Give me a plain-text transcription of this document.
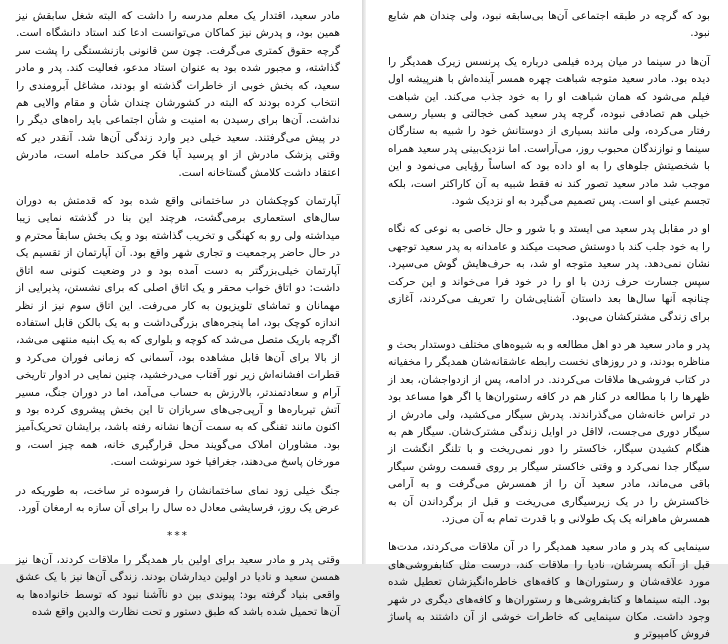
مادر سعید، اقتدار یک معلم مدرسه را داشت که البته شغل سابقش نیز همین بود، و پدرش نیز کماکان می‌توانست ادعا کند استاد دانشگاه است. گرچه حقوق کمتری می‌گرفت. چون سن قانونی بازنشستگی را پشت سر گذاشته، و مجبور شده بود به عنوان استاد مدعو، فعالیت کند. پدر و مادر سعید، که بخش خوبی از خاطرات گذشته او بودند، مشاغل آبرومندی را انتخاب کرده بودند که البته در کشورشان چندان شأن و مقام والایی هم نداشت. آن‌ها برای رسیدن به امنیت و شأن اجتماعی باید راه‌های دیگر را در پیش می‌گرفتند. سعید خیلی دیر وارد زندگی آن‌ها شد. آنقدر دیر که وقتی پزشک مادرش از او پرسید آیا فکر می‌کند حامله است، مادرش اعتقاد داشت کلامش گستاخانه است.

آپارتمان کوچکشان در ساختمانی واقع شده بود که قدمتش به دوران سال‌های استعماری برمی‌گشت، هرچند این بنا در گذشته نمایی زیبا میداشته ولی رو به کهنگی و تخریب گذاشته بود و یک بخش سابقاً محترم و در حال حاضر پرجمعیت و تجاری شهر واقع بود. آن آپارتمان از تقسیم یک آپارتمان خیلی‌بزرگتر به دست آمده بود و در وضعیت کنونی سه اتاق داشت: دو اتاق خواب محقر و یک اتاق اصلی که برای نشستن، پذیرایی از مهمانان و تماشای تلویزیون به کار می‌رفت. این اتاق سوم نیز از نظر اندازه کوچک بود، اما پنجره‌های بزرگی‌داشت و به یک بالکن قابل استفاده اگرچه باریک متصل می‌شد که کوچه و بلواری که به یک ابنیه منتهی می‌شد، از بالا برای آن‌ها قابل مشاهده بود، آسمانی که زمانی فوران می‌کرد و قطرات افشانه‌اش زیر نور آفتاب می‌درخشید، چنین نمایی در ادوار تاریخی آرام و سعادتمندتر، بالارزش به حساب می‌آمد، اما در دوران جنگ، مسیر آتش تیرباره‌ها و آرپی‌جی‌های سربازان تا این بخش پیشروی کرده بود و اکنون مانند تفنگی که به سمت آن‌ها نشانه رفته باشد، برایشان تحریک‌آمیز بود. مشاوران املاک می‌گویند محل قرارگیری خانه، همه چیز است، و مورخان پاسخ می‌دهند، جغرافیا خود سرنوشت است.

جنگ خیلی زود نمای ساختمانشان را فرسوده تر ساخت، به طوریکه در عرض یک روز، فرسایشی معادل ده سال را برای آن سازه به ارمغان آورد.

***

وقتی پدر و مادر سعید برای اولین بار همدیگر را ملاقات کردند، آن‌ها نیز همسن سعید و نادیا در اولین دیدارشان بودند. زندگی آن‌ها نیز با یک عشق واقعی بنیاد گرفته بود: پیوندی بین دو ناآشنا نبود که توسط خانواده‌ها به آن‌ها تحمیل شده باشد که طبق دستور و تحت نظارت والدین واقع شده

بود که گرچه در طبقه اجتماعی آن‌ها بی‌سابقه نبود، ولی چندان هم شایع نبود.

آن‌ها در سینما در میان پرده فیلمی درباره یک پرنسس زیرک همدیگر را دیده بود. مادر سعید متوجه شباهت چهره همسر آینده‌اش با هنرپیشه اول فیلم می‌شود که همان شباهت او را به خود جذب می‌کند. این شباهت خیلی هم تصادفی نبوده، گرچه پدر سعید کمی خجالتی و بسیار رسمی رفتار می‌کرده، ولی مانند بسیاری از دوستانش خود را شبیه به ستارگان سینما و نوازندگان محبوب روز، می‌آراست. اما نزدیک‌بینی پدر سعید همراه با شخصیتش جلوهای را به او داده بود که اساساً رؤیایی می‌نمود و این موجب شد مادر سعید تصور کند نه فقط شبیه به آن کاراکتر است، بلکه تجسم عینی او است. پس تصمیم می‌گیرد به او نزدیک شود.

او در مقابل پدر سعید می ایستد و با شور و حال خاصی به نوعی که نگاه را به خود جلب کند با دوستش صحبت میکند و عامدانه به پدر سعید توجهی نشان نمی‌دهد. پدر سعید متوجه او شد، به حرف‌هایش گوش می‌سپرد. سپس جسارت حرف زدن با او را در خود فرا می‌خواند و این حرکت چنانچه آنها سال‌ها بعد داستان آشنایی‌شان را تعریف می‌کردند، آغازی برای زندگی مشترکشان می‌بود.

پدر و مادر سعید هر دو اهل مطالعه و به شیوه‌های مختلف دوستدار بحث و مناظره بودند، و در روزهای نخست رابطه عاشقانه‌شان همدیگر را مخفیانه در کتاب فروشی‌ها ملاقات می‌کردند. در ادامه، پس از ازدواجشان، بعد از ظهرها را با مطالعه در کنار هم در کافه رستوران‌ها یا اگر هوا مساعد بود در تراس خانه‌شان می‌گذراندند. پدرش سیگار می‌کشید، ولی مادرش از سیگار دوری می‌جست، لااقل در اوایل زندگی مشترک‌شان. سیگار هم به هنگام کشیدن سیگار، خاکستر را دور نمی‌ریخت و با تلنگر انگشت از سیگار جدا نمی‌کرد و وقتی خاکستر سیگار بر روی قسمت روشن سیگار باقی می‌ماند، مادر سعید آن را از همسرش می‌گرفت و به آرامی خاکسترش را در یک زیرسیگاری می‌ریخت و قبل از برگرداندن آن به همسرش ماهرانه یک پک طولانی و با قدرت تمام به آن می‌زد.

سینمایی که پدر و مادر سعید همدیگر را در آن ملاقات می‌کردند، مدت‌ها قبل از آنکه پسرشان، نادیا را ملاقات کند، درست مثل کتابفروشی‌های مورد علاقه‌شان و رستوران‌ها و کافه‌های خاطره‌انگیزشان تعطیل شده بود. البته سینماها و کتابفروشی‌ها و رستوران‌ها و کافه‌های دیگری در شهر وجود داشت. مکان سینمایی که خاطرات خوشی از آن داشتند به پاساژ فروش کامپیوتر و
